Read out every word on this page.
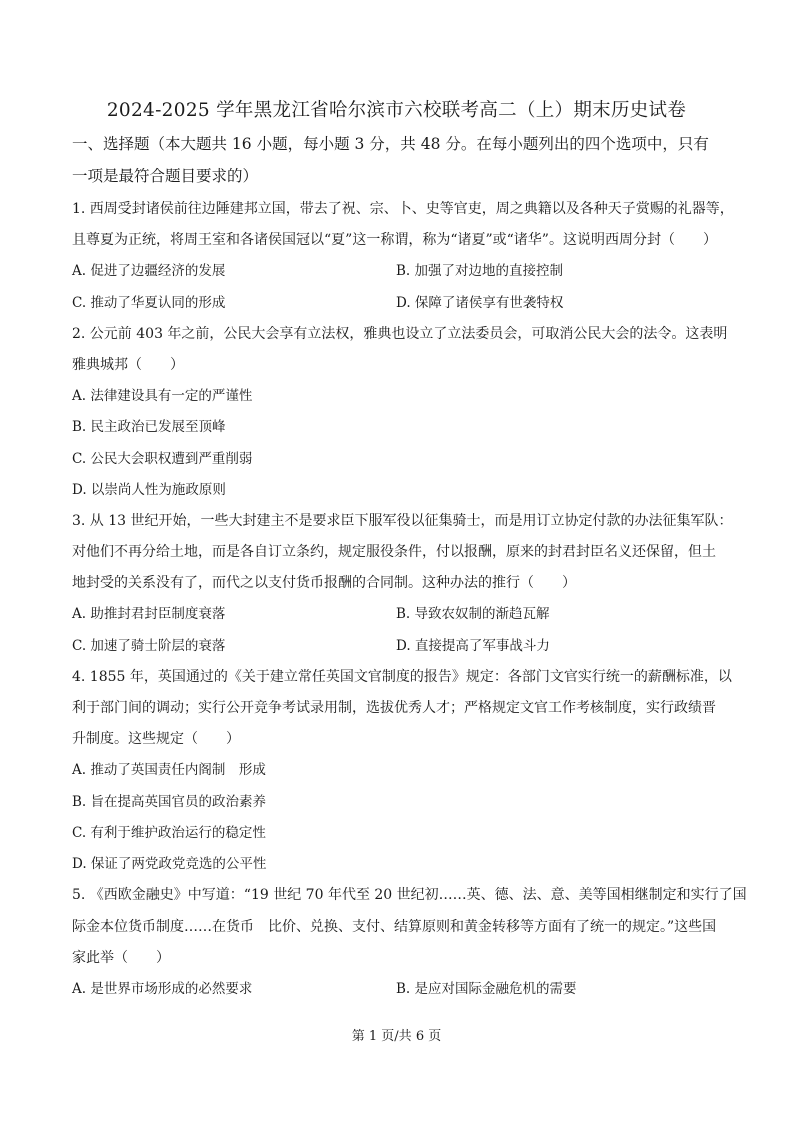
2024-2025 学年黑龙江省哈尔滨市六校联考高二（上）期末历史试卷
一、选择题（本大题共 16 小题，每小题 3 分，共 48 分。在每小题列出的四个选项中，只有
一项是最符合题目要求的）
1. 西周受封诸侯前往边陲建邦立国，带去了祝、宗、卜、史等官吏，周之典籍以及各种天子赏赐的礼器等，
且尊夏为正统，将周王室和各诸侯国冠以“夏”这一称谓，称为“诸夏”或“诸华”。这说明西周分封（　　）
A. 促进了边疆经济的发展	B. 加强了对边地的直接控制
C. 推动了华夏认同的形成	D. 保障了诸侯享有世袭特权
2. 公元前 403 年之前，公民大会享有立法权，雅典也设立了立法委员会，可取消公民大会的法令。这表明
雅典城邦（　　）
A. 法律建设具有一定的严谨性
B. 民主政治已发展至顶峰
C. 公民大会职权遭到严重削弱
D. 以崇尚人性为施政原则
3. 从 13 世纪开始，一些大封建主不是要求臣下服军役以征集骑士，而是用订立协定付款的办法征集军队：
对他们不再分给土地，而是各自订立条约，规定服役条件，付以报酬，原来的封君封臣名义还保留，但土
地封受的关系没有了，而代之以支付货币报酬的合同制。这种办法的推行（　　）
A. 助推封君封臣制度衰落	B. 导致农奴制的渐趋瓦解
C. 加速了骑士阶层的衰落	D. 直接提高了军事战斗力
4. 1855 年，英国通过的《关于建立常任英国文官制度的报告》规定：各部门文官实行统一的薪酬标准，以
利于部门间的调动；实行公开竞争考试录用制，选拔优秀人才；严格规定文官工作考核制度，实行政绩晋
升制度。这些规定（　　）
A. 推动了英国责任内阁制　形成
B. 旨在提高英国官员的政治素养
C. 有利于维护政治运行的稳定性
D. 保证了两党政党竞选的公平性
5. 《西欧金融史》中写道：“19 世纪 70 年代至 20 世纪初……英、德、法、意、美等国相继制定和实行了国
际金本位货币制度……在货币　比价、兑换、支付、结算原则和黄金转移等方面有了统一的规定。”这些国
家此举（　　）
A. 是世界市场形成的必然要求	B. 是应对国际金融危机的需要
第 1 页/共 6 页
